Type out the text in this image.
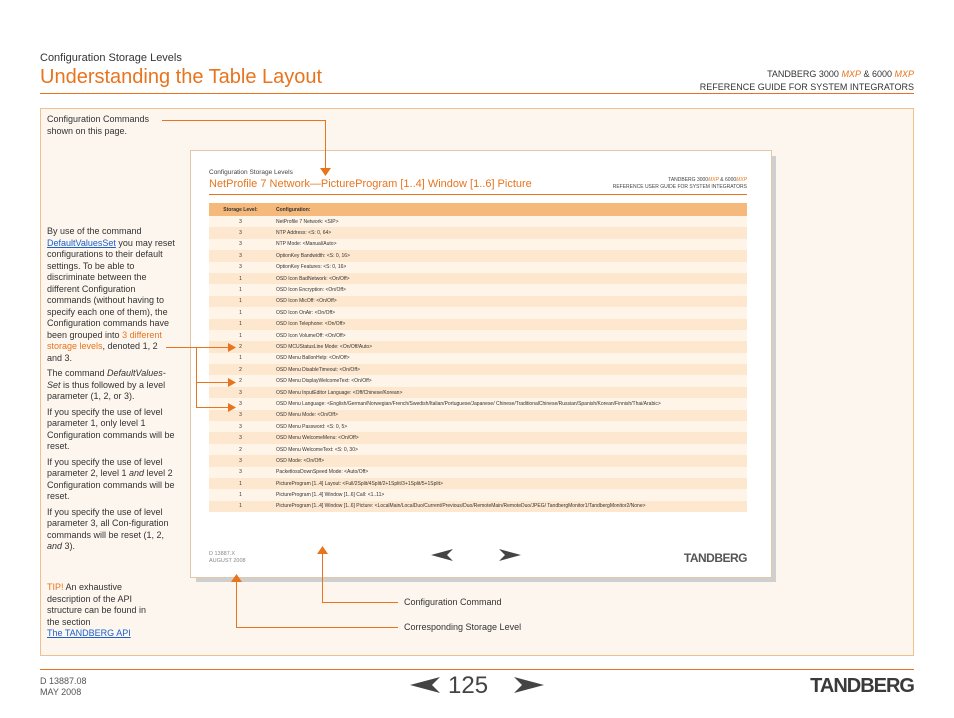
Configuration Storage Levels
Understanding the Table Layout	TANDBERG 3000 MXP & 6000 MXP
REFERENCE GUIDE FOR SYSTEM INTEGRATORS
Configuration Commands shown on this page.
By use of the command DefaultValuesSet you may reset configurations to their default settings. To be able to discriminate between the different Configuration commands (without having to specify each one of them), the Configuration commands have been grouped into 3 different storage levels, denoted 1, 2 and 3.
The command DefaultValues-Set is thus followed by a level parameter (1, 2, or 3).
If you specify the use of level parameter 1, only level 1 Configuration commands will be reset.
If you specify the use of level parameter 2, level 1 and level 2 Configuration commands will be reset.
If you specify the use of level parameter 3, all Con-figuration commands will be reset (1, 2, and 3).
TIP! An exhaustive description of the API structure can be found in the section
The TANDBERG API
Configuration Storage Levels
NetProfile 7 Network—PictureProgram [1..4] Window [1..6] Picture	TANDBERG 3000MXP & 6000MXP
REFERENCE USER GUIDE FOR SYSTEM INTEGRATORS
Storage Level:	Configuration:
3	NetProfile 7 Network: <SIP>
3	NTP Address: <S: 0, 64>
3	NTP Mode: <Manual/Auto>
3	OptionKey Bandwidth: <S: 0, 16>
3	OptionKey Features: <S: 0, 16>
1	OSD Icon BadNetwork: <On/Off>
1	OSD Icon Encryption: <On/Off>
1	OSD Icon MicOff: <On/Off>
1	OSD Icon OnAir: <On/Off>
1	OSD Icon Telephone: <On/Off>
1	OSD Icon VolumeOff: <On/Off>
2	OSD MCUStatusLine Mode: <On/Off/Auto>
1	OSD Menu BallonHelp: <On/Off>
2	OSD Menu DisableTimeout: <On/Off>
2	OSD Menu DisplayWelcomeText: <On/Off>
3	OSD Menu InputEditor Language: <Off/Chinese/Korean>
3	OSD Menu Language: <English/German/Norwegian/French/Swedish/Italian/Portuguese/Japanese/ Chinese/TraditionalChinese/Russian/Spanish/Korean/Finnish/Thai/Arabic>
3	OSD Menu Mode: <On/Off>
3	OSD Menu Password: <S: 0, 5>
3	OSD Menu WelcomeMenu: <On/Off>
2	OSD Menu WelcomeText: <S: 0, 30>
3	OSD Mode: <On/Off>
3	PacketlossDownSpeed Mode: <Auto/Off>
1	PictureProgram [1..4] Layout: <Full/2Split/4Split/2+1Split/3+1Split/5+1Split>
1	PictureProgram [1..4] Window [1..6] Call: <1..11>
1	PictureProgram [1..4] Window [1..6] Picture: <LocalMain/LocalDuo/Current/Previous/Duo/RemoteMain/RemoteDuo/JPEG/ TandbergMonitor1/TandbergMonitor2/None>
D 13887.X
AUGUST 2008	TANDBERG
Configuration Command
Corresponding Storage Level
D 13887.08
MAY 2008	125	TANDBERG
